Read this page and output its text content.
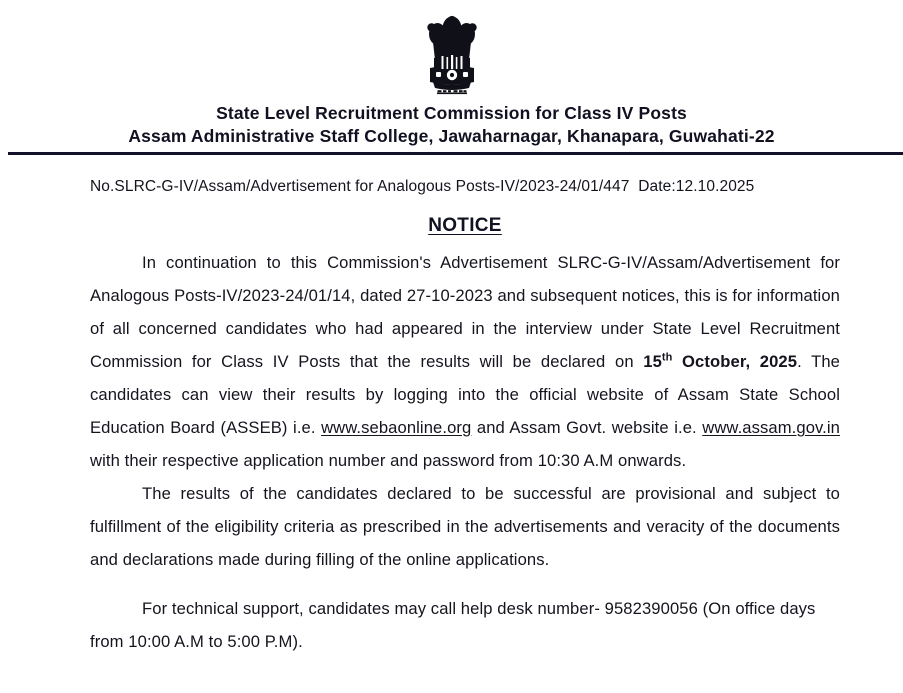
State Level Recruitment Commission for Class IV Posts
Assam Administrative Staff College, Jawaharnagar, Khanapara, Guwahati-22
No.SLRC-G-IV/Assam/Advertisement for Analogous Posts-IV/2023-24/01/447  Date:12.10.2025
NOTICE

In continuation to this Commission's Advertisement SLRC-G-IV/Assam/Advertisement for Analogous Posts-IV/2023-24/01/14, dated 27-10-2023 and subsequent notices, this is for information of all concerned candidates who had appeared in the interview under State Level Recruitment Commission for Class IV Posts that the results will be declared on 15th October, 2025. The candidates can view their results by logging into the official website of Assam State School Education Board (ASSEB) i.e. www.sebaonline.org and Assam Govt. website i.e. www.assam.gov.in with their respective application number and password from 10:30 A.M onwards.

The results of the candidates declared to be successful are provisional and subject to fulfillment of the eligibility criteria as prescribed in the advertisements and veracity of the documents and declarations made during filling of the online applications.

For technical support, candidates may call help desk number- 9582390056 (On office days from 10:00 A.M to 5:00 P.M).
